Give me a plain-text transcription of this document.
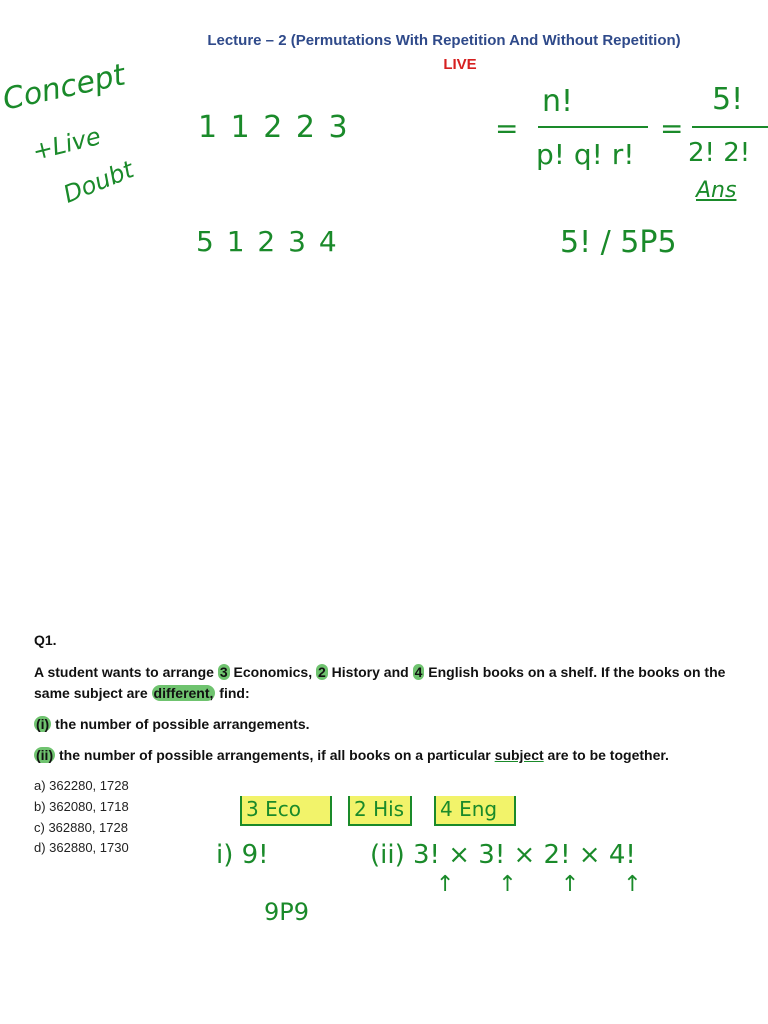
Lecture – 2 (Permutations With Repetition And Without Repetition)
LIVE
Concept
+Live
Doubt
1 1 2 2 3	=
n!
p! q! r!
=
5!
2! 2!
Ans
5 1 2 3 4	5! / 5P5
Q1.
A student wants to arrange 3 Economics, 2 History and 4 English books on a shelf. If the books on the same subject are different, find:
(i) the number of possible arrangements.
(ii) the number of possible arrangements, if all books on a particular subject are to be together.
a) 362280, 1728
b) 362080, 1718
c) 362880, 1728
d) 362880, 1730
3 Eco	2 His	4 Eng
i) 9!	(ii) 3! × 3! × 2! × 4!
↑↑↑↑
9P9
